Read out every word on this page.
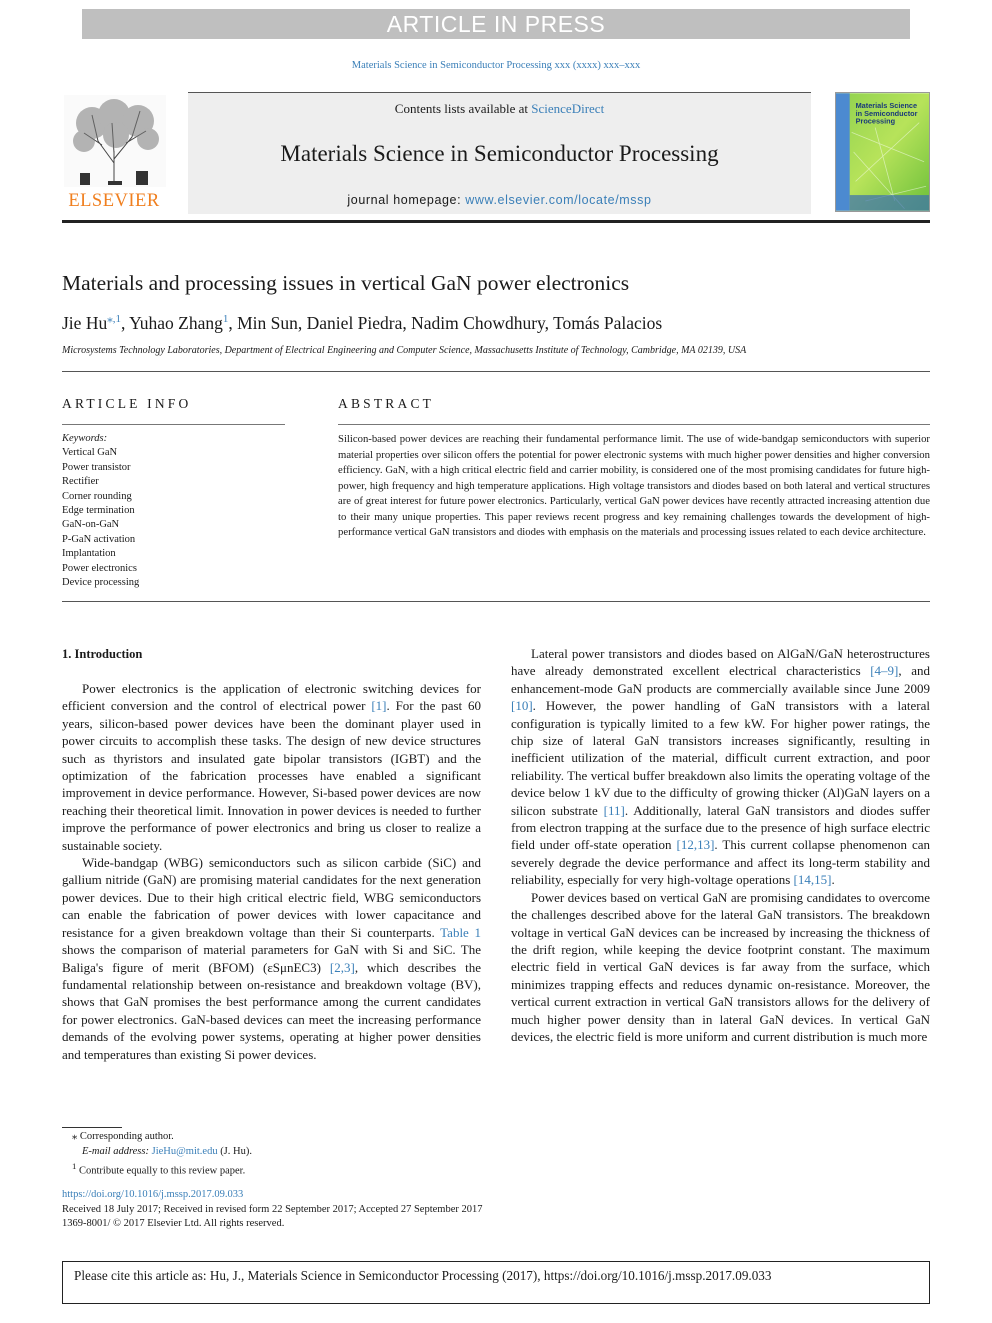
ARTICLE IN PRESS
Materials Science in Semiconductor Processing xxx (xxxx) xxx–xxx
ELSEVIER
Contents lists available at ScienceDirect
Materials Science in Semiconductor Processing
journal homepage: www.elsevier.com/locate/mssp
Materials Science
in Semiconductor
Processing
Materials and processing issues in vertical GaN power electronics
Jie $Hu^{⁎,1}$, Yuhao Zhang$^1$, Min Sun, Daniel Piedra, Nadim Chowdhury, Tomás Palacios
Microsystems Technology Laboratories, Department of Electrical Engineering and Computer Science, Massachusetts Institute of Technology, Cambridge, MA 02139, USA
ARTICLE INFO	ABSTRACT
Keywords:
Vertical GaN
Power transistor
Rectifier
Corner rounding
Edge termination
GaN-on-GaN
P-GaN activation
Implantation
Power electronics
Device processing
Silicon-based power devices are reaching their fundamental performance limit. The use of wide-bandgap semiconductors with superior material properties over silicon offers the potential for power electronic systems with much higher power densities and higher conversion efficiency. GaN, with a high critical electric field and carrier mobility, is considered one of the most promising candidates for future high-power, high frequency and high temperature applications. High voltage transistors and diodes based on both lateral and vertical structures are of great interest for future power electronics. Particularly, vertical GaN power devices have recently attracted increasing attention due to their many unique properties. This paper reviews recent progress and key remaining challenges towards the development of high-performance vertical GaN transistors and diodes with emphasis on the materials and processing issues related to each device architecture.
1. Introduction

Power electronics is the application of electronic switching devices for efficient conversion and the control of electrical power [1]. For the past 60 years, silicon-based power devices have been the dominant player used in power circuits to accomplish these tasks. The design of new device structures such as thyristors and insulated gate bipolar transistors (IGBT) and the optimization of the fabrication processes have enabled a significant improvement in device performance. However, Si-based power devices are now reaching their theoretical limit. Innovation in power devices is needed to further improve the performance of power electronics and bring us closer to realize a sustainable society.

Wide-bandgap (WBG) semiconductors such as silicon carbide (SiC) and gallium nitride (GaN) are promising material candidates for the next generation power devices. Due to their high critical electric field, WBG semiconductors can enable the fabrication of power devices with lower capacitance and resistance for a given breakdown voltage than their Si counterparts. Table 1 shows the comparison of material parameters for GaN with Si and SiC. The Baliga's figure of merit (BFOM) (εSμnEC3) [2,3], which describes the fundamental relationship between on-resistance and breakdown voltage (BV), shows that GaN promises the best performance among the current candidates for power electronics. GaN-based devices can meet the increasing performance demands of the evolving power systems, operating at higher power densities and temperatures than existing Si power devices.

Lateral power transistors and diodes based on AlGaN/GaN heterostructures have already demonstrated excellent electrical characteristics [4–9], and enhancement-mode GaN products are commercially available since June 2009 [10]. However, the power handling of GaN transistors with a lateral configuration is typically limited to a few kW. For higher power ratings, the chip size of lateral GaN transistors increases significantly, resulting in inefficient utilization of the material, difficult current extraction, and poor reliability. The vertical buffer breakdown also limits the operating voltage of the device below 1 kV due to the difficulty of growing thicker (Al)GaN layers on a silicon substrate [11]. Additionally, lateral GaN transistors and diodes suffer from electron trapping at the surface due to the presence of high surface electric field under off-state operation [12,13]. This current collapse phenomenon can severely degrade the device performance and affect its long-term stability and reliability, especially for very high-voltage operations [14,15].

Power devices based on vertical GaN are promising candidates to overcome the challenges described above for the lateral GaN transistors. The breakdown voltage in vertical GaN devices can be increased by increasing the thickness of the drift region, while keeping the device footprint constant. The maximum electric field in vertical GaN devices is far away from the surface, which minimizes trapping effects and reduces dynamic on-resistance. Moreover, the vertical current extraction in vertical GaN transistors allows for the delivery of much higher power density than in lateral GaN devices. In vertical GaN devices, the electric field is more uniform and current distribution is much more

⁎ Corresponding author.
E-mail address: JieHu@mit.edu (J. Hu).
$^1$ Contribute equally to this review paper.
https://doi.org/10.1016/j.mssp.2017.09.033
Received 18 July 2017; Received in revised form 22 September 2017; Accepted 27 September 2017
1369-8001/ © 2017 Elsevier Ltd. All rights reserved.
Please cite this article as: Hu, J., Materials Science in Semiconductor Processing (2017), https://doi.org/10.1016/j.mssp.2017.09.033
